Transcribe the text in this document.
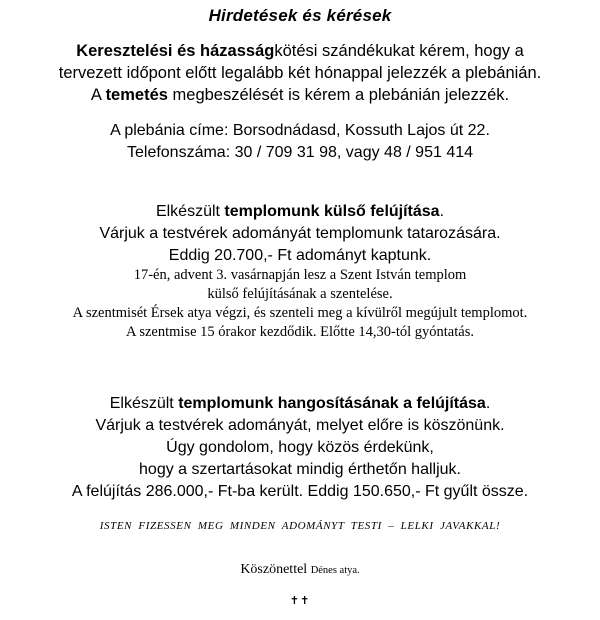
Hirdetések és kérések
Keresztelési és házasságkötési szándékukat kérem, hogy a
tervezett időpont előtt legalább két hónappal jelezzék a plebánián.
A temetés megbeszélését is kérem a plebánián jelezzék.
A plebánia címe: Borsodnádasd, Kossuth Lajos út 22.
Telefonszáma: 30 / 709 31 98, vagy 48 / 951 414
Elkészült templomunk külső felújítása.
Várjuk a testvérek adományát templomunk tatarozására.
Eddig 20.700,- Ft adományt kaptunk.
17-én, advent 3. vasárnapján lesz a Szent István templom
külső felújításának a szentelése.
A szentmisét Érsek atya végzi, és szenteli meg a kívülről megújult templomot.
A szentmise 15 órakor kezdődik. Előtte 14,30-tól gyóntatás.
Elkészült templomunk hangosításának a felújítása.
Várjuk a testvérek adományát, melyet előre is köszönünk.
Úgy gondolom, hogy közös érdekünk,
hogy a szertartásokat mindig érthetőn halljuk.
A felújítás 286.000,- Ft-ba került. Eddig 150.650,- Ft gyűlt össze.
ISTEN FIZESSEN MEG MINDEN ADOMÁNYT TESTI – LELKI JAVAKKAL!
Köszönettel Dénes atya.
✝✝
